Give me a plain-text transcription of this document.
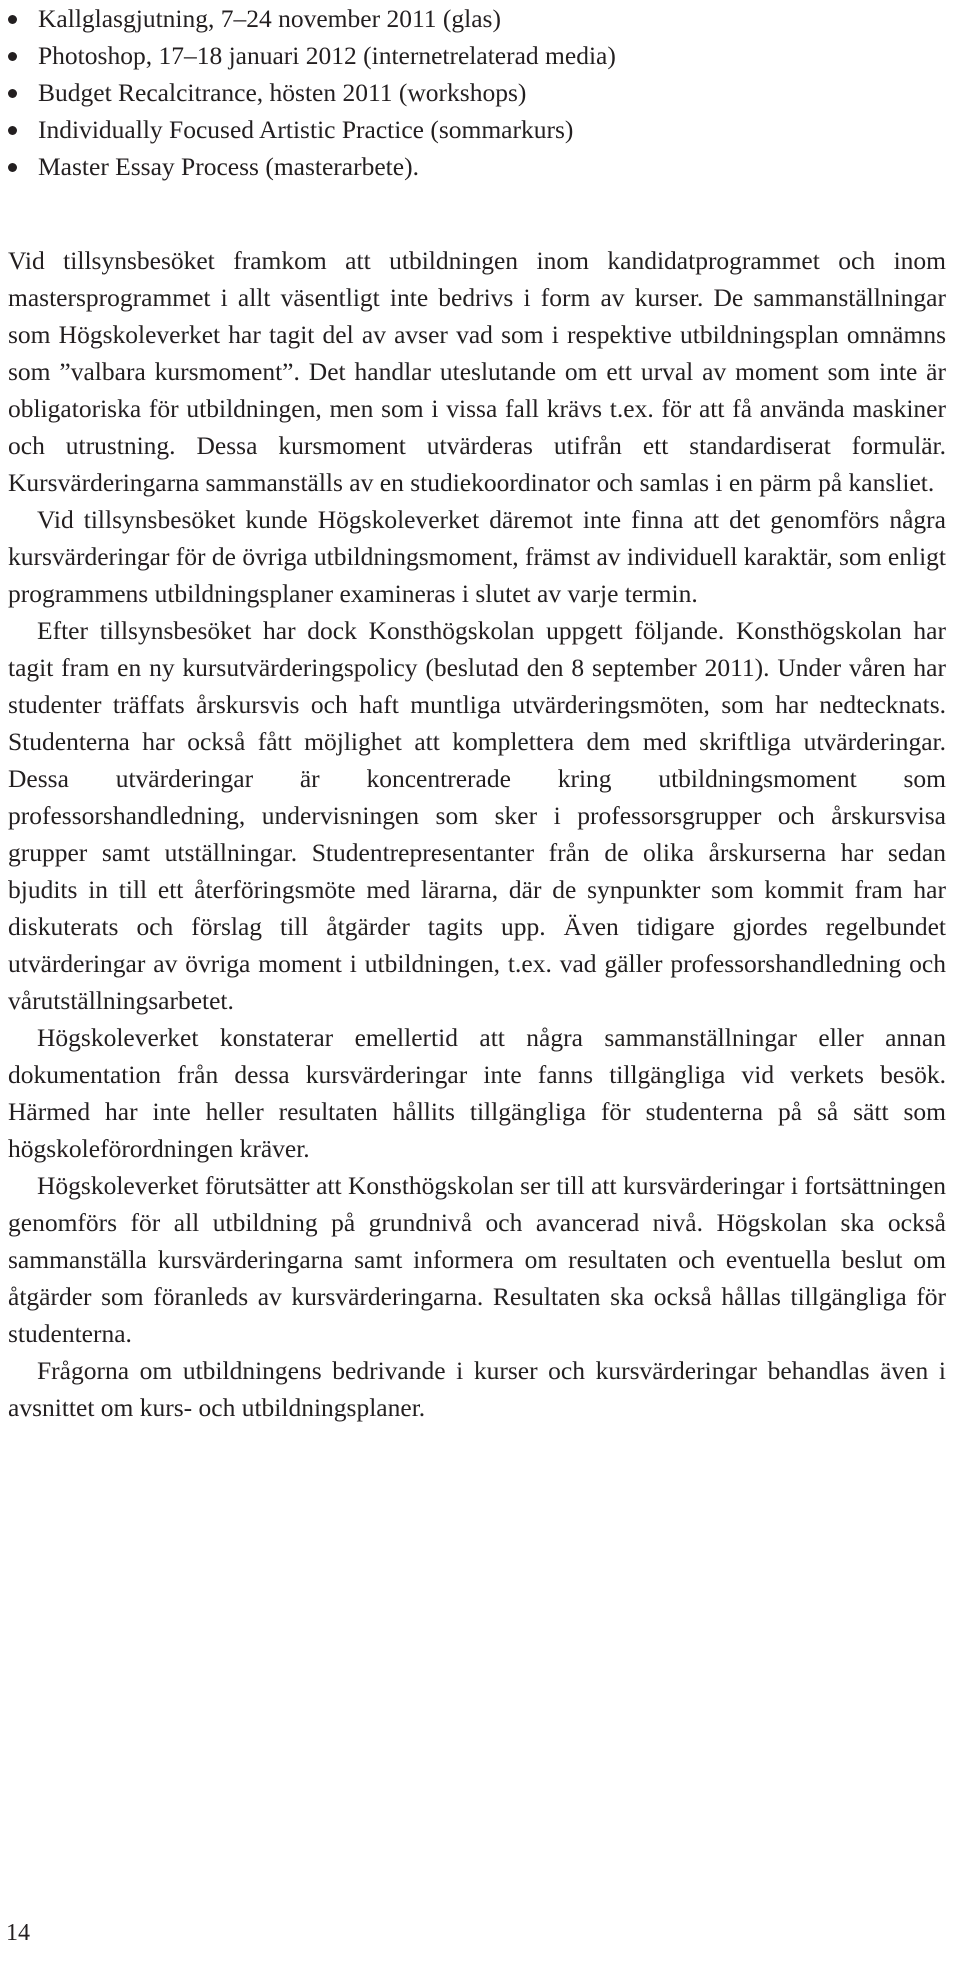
Kallglasgjutning, 7–24 november 2011 (glas)
Photoshop, 17–18 januari 2012 (internetrelaterad media)
Budget Recalcitrance, hösten 2011 (workshops)
Individually Focused Artistic Practice (sommarkurs)
Master Essay Process (masterarbete).

Vid tillsynsbesöket framkom att utbildningen inom kandidatprogrammet och inom mastersprogrammet i allt väsentligt inte bedrivs i form av kurser. De sammanställningar som Högskoleverket har tagit del av avser vad som i respektive utbildningsplan omnämns som ”valbara kursmoment”. Det handlar uteslutande om ett urval av moment som inte är obligatoriska för utbildningen, men som i vissa fall krävs t.ex. för att få använda maskiner och utrustning. Dessa kursmoment utvärderas utifrån ett standardiserat formulär. Kursvärderingarna sammanställs av en studiekoordinator och samlas i en pärm på kansliet.

Vid tillsynsbesöket kunde Högskoleverket däremot inte finna att det genomförs några kursvärderingar för de övriga utbildningsmoment, främst av individuell karaktär, som enligt programmens utbildningsplaner examineras i slutet av varje termin.

Efter tillsynsbesöket har dock Konsthögskolan uppgett följande. Konsthögskolan har tagit fram en ny kursutvärderingspolicy (beslutad den 8 september 2011). Under våren har studenter träffats årskursvis och haft muntliga utvärderingsmöten, som har nedtecknats. Studenterna har också fått möjlighet att komplettera dem med skriftliga utvärderingar. Dessa utvärderingar är koncentrerade kring utbildningsmoment som professorshandledning, undervisningen som sker i professorsgrupper och årskursvisa grupper samt utställningar. Studentrepresentanter från de olika årskurserna har sedan bjudits in till ett återföringsmöte med lärarna, där de synpunkter som kommit fram har diskuterats och förslag till åtgärder tagits upp. Även tidigare gjordes regelbundet utvärderingar av övriga moment i utbildningen, t.ex. vad gäller professorshandledning och vårutställningsarbetet.

Högskoleverket konstaterar emellertid att några sammanställningar eller annan dokumentation från dessa kursvärderingar inte fanns tillgängliga vid verkets besök. Härmed har inte heller resultaten hållits tillgängliga för studenterna på så sätt som högskoleförordningen kräver.

Högskoleverket förutsätter att Konsthögskolan ser till att kursvärderingar i fortsättningen genomförs för all utbildning på grundnivå och avancerad nivå. Högskolan ska också sammanställa kursvärderingarna samt informera om resultaten och eventuella beslut om åtgärder som föranleds av kursvärderingarna. Resultaten ska också hållas tillgängliga för studenterna.

Frågorna om utbildningens bedrivande i kurser och kursvärderingar behandlas även i avsnittet om kurs- och utbildningsplaner.

14
